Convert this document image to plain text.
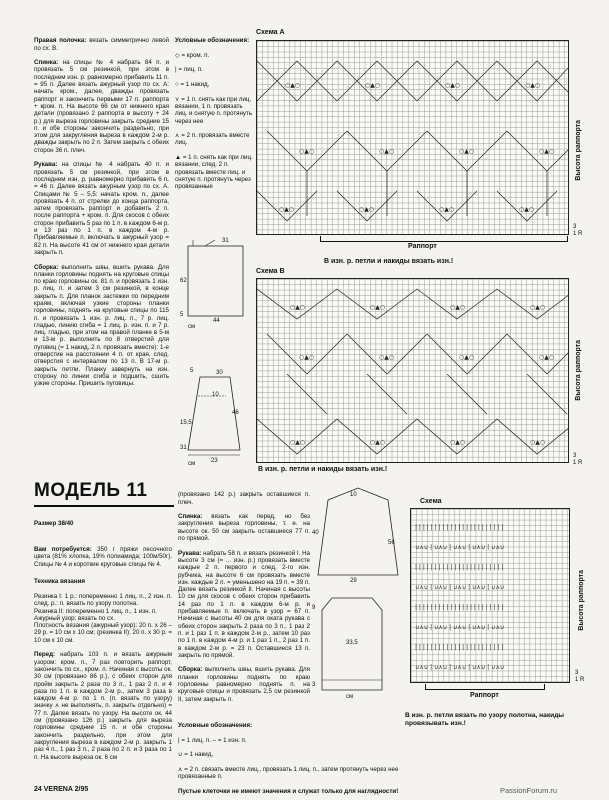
Правая полочка: вязать симметрично левой по сх. В.

Спинка: на спицы № 4 набрать 84 п. и провязать 5 см резинкой, при этом в последнем изн. р. равномерно прибавить 11 п. = 95 п. Далее вязать ажурный узор по сх. А: начать кром., далее, дважды провязать раппорт и закончить первыми 17 п. раппорта + кром. п. На высоте 66 см от нижнего края детали (провязано 2 раппорта в высоту + 24 р.) для выреза горловины закрыть средние 15 п. и обе стороны закончить раздельно, при этом для закругления выреза в каждом 2-м р. дважды закрыть по 2 п. Затем закрыть с обеих сторон 36 п. плеч.

Рукава: на спицы № 4 набрать 40 п. и провязать 5 см резинкой, при этом в последнем изн. р. равномерно прибавить 6 п. = 46 п. Далее вязать ажурным узор по сх. А. Спицами № 5 – 5,5: начать кром. п., далее провязать 4 п. от стрелки до конца раппорта, затем провязать раппорт и добавить 2 п. после раппорта + кром. п. Для скосов с обеих сторон прибавить 5 раз по 1 п. в каждом 6-м р. и 13 раз по 1 п. в каждом 4-м р. Прибавляемые п. включать в ажурный узор = 82 п. На высоте 41 см от нижнего края детали закрыть п.

Сборка: выполнить швы, вшить рукава. Для планки горловины поднять на круговые спицы по краю горловины ок. 81 п. и провязать 1 изн. р. лиц. п. и затем 3 см резинкой, в конце закрыть п. Для планок застежки по передним краям, включая узкие стороны планки горловины, поднять на круговые спицы по 115 п. и провязать 1 изн. р. лиц. п., 7 р. лиц. гладью, линию сгиба = 1 лиц. р. изн. п. и 7 р. лиц. гладью, при этом на правой планке в 5-м и 13-м р. выполнить по 8 отверстий для пуговиц (= 1 накид, 2 п. провязать вместе): 1-е отверстие на расстоянии 4 п. от края, след. отверстия с интервалом по 13 п. В 17-м р. закрыть петли. Планку завернуть на изн. сторону по линии сгиба и подшить, сшить узкие стороны. Пришить пуговицы.

Условные обозначения:

◇ = кром. п.

| = лиц. п.

○ = 1 накид,

⋎ = 1 п. снять как при лиц. вязании, 1 п. провязать лиц. и снятую п. протянуть через нее

⋏ = 2 п. провязать вместе лиц.

▲ = 1 п. снять как при лиц. вязании, след. 2 п. провязать вместе лиц. и снятую п. протянуть через провязанные

31
62
44
5
см
5	30
10
46
15,5
23
31
см
Схема А
○▲○	○▲○	○▲○	○▲○
○▲○	○▲○	○▲○	○▲○
○▲○	○▲○	○▲○	○▲○
Высота раппорта
3
1 R
Раппорт
В изн. р. петли и накиды вязать изн.!
Схема В
○▲○	○▲○	○▲○	○▲○
○▲○	○▲○	○▲○	○▲○
○▲○	○▲○	○▲○	○▲○
Высота раппорта
3
1 R
В изн. р. петли и накиды вязать изн.!
МОДЕЛЬ 11

Размер 38/40

Вам потребуется: 350 г пряжи песочного цвета (81% хлопка, 19% полиамида; 100м/50г). Спицы № 4 и короткие круговые спицы № 4.

Техника вязания

Резинка I: 1 р.: попеременно 1 лиц. п., 2 изн. п. след. р.: п. вязать по узору полотна.
Резинка II: попеременно 1 лиц. п., 1 изн. п.
Ажурный узор: вязать по сх.
Плотность вязания (ажурный узор): 20 п. х 26 – 29 р. = 10 см х 10 см; (резинка II): 20 п. х 30 р. = 10 см х 10 см.

Перед: набрать 103 п. и вязать ажурным узором: кром. п., 7 раз повторить раппорт, закончить по сх., кром. п. Начиная с высоты ок. 30 см (провязано 86 р.), с обеих сторон для пройм закрыть 2 раза по 3 п., 1 раз 2 п. и 4 раза по 1 п. в каждом 2-м р., затем 3 раза в каждом 4-м р. по 1 п. (п. вязать по узору) значку ⋏ не выполнять, п. закрыть отдельно) = 77 п. Далее вязать по узору. На высоте ок. 44 см (провязано 126 р.) закрыть для выреза горловины средние 15 п. и обе стороны закончить раздельно, при этом для закругления выреза в каждом 2-м р. закрыть 1 раз 4 п., 1 раз 3 п., 2 раза по 2 п. и 3 раза по 1 п. На высоте выреза ок. 6 см

(провязано 142 р.) закрыть оставшиеся п. плеч.

Спинка: вязать как перед, но без закругления выреза горловины, т. е. на высоте ок. 50 см закрыть оставшиеся 77 п. по прямой.

Рукава: набрать 58 п. и вязать резинкой I. На высоте 3 см (= ... изн. р.) провязать вместе каждые 2 п. первого и след. 2-го изн. рубчика, на высоте 6 см провязать вместе изн. каждые 2 п. = уменьшено на 19 п. = 39 п. Далее вязать резинкой II. Начиная с высоты 10 см для скосов с обеих сторон прибавить 14 раз по 1 п. в каждом 6-м р. и прибавляемые п. включать в узор = 67 п. Начиная с высоты 40 см для оката рукава с обеих сторон закрыть 2 раза по 3 п., 1 раз 2 п. и 1 раз 1 п. в каждом 2-м р., затем 10 раз по 1 п. в каждом 4-м р. и 1 раз 1 п., 2 раз 1 п. в каждом 2-м р. = 23 п. Оставшиеся 13 п. закрыть по прямой.

Сборка: выполнить швы, вшить рукава. Для планки горловины поднять по краю горловины равномерно поднять п. на круговые спицы и провязать 2,5 см резинкой II, затем закрыть п.

10
40
56
29
33,5
9
3
см

Условные обозначения:

| = 1 лиц. п. – = 1 изн. п.

∪ = 1 накид,

⋏ = 2 п. связать вместе лиц., провязать 1 лиц. п., затем протянуть через нее провязанные п.

Пустые клеточки не имеют значения и служат только для наглядности!

Схема
| | | | | | | | | | | | | | | | | | | | | | |
∪⋏∪ | ∪⋏∪ | ∪⋏∪ | ∪⋏∪ | ∪⋏∪
| | | | | | | | | | | | | | | | | | | | | | |
∪⋏∪ | ∪⋏∪ | ∪⋏∪ | ∪⋏∪ | ∪⋏∪
| | | | | | | | | | | | | | | | | | | | | | |
∪⋏∪ | ∪⋏∪ | ∪⋏∪ | ∪⋏∪ | ∪⋏∪
| | | | | | | | | | | | | | | | | | | | | | |
∪⋏∪ | ∪⋏∪ | ∪⋏∪ | ∪⋏∪ | ∪⋏∪
Высота раппорта
3
1 R
Раппорт
В изн. р. петли вязать по узору полотна, накиды провязывать изн.!
24 VERENA 2/95	PassionForum.ru
